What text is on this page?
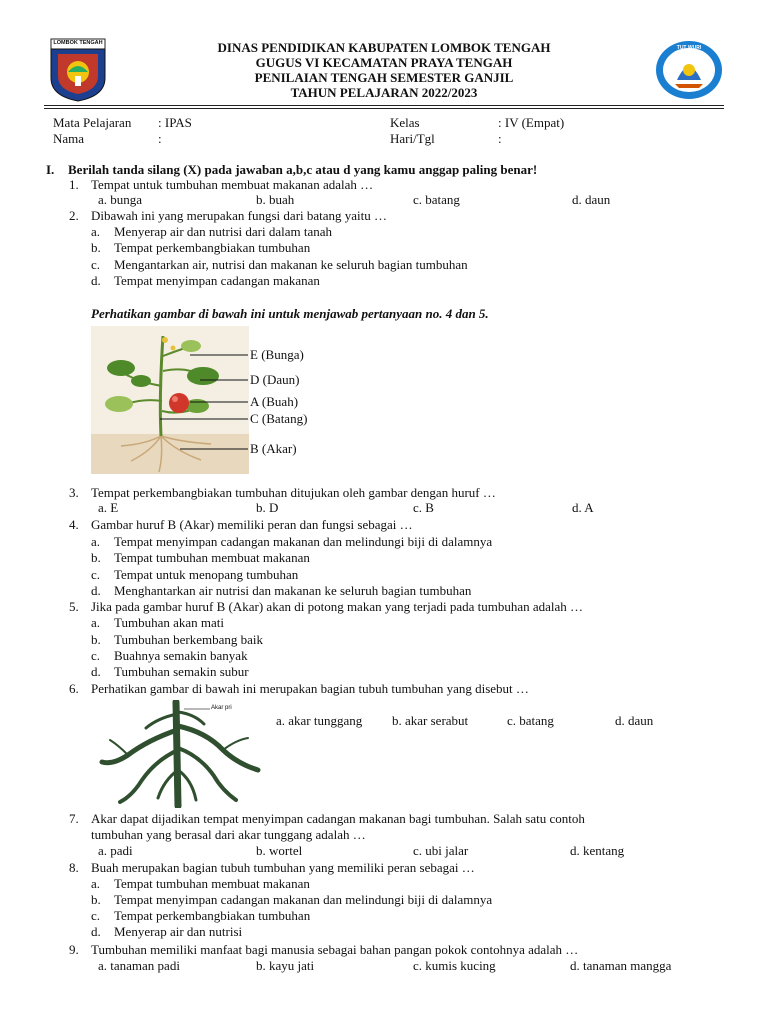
LOMBOK TENGAH
TUT WURI HANDAYANI
DINAS PENDIDIKAN KABUPATEN LOMBOK TENGAH
GUGUS VI KECAMATAN PRAYA TENGAH
PENILAIAN TENGAH SEMESTER GANJIL
TAHUN PELAJARAN 2022/2023
Mata Pelajaran : IPAS
Nama	:
Kelas	: IV (Empat)
Hari/Tgl	:
I. Berilah tanda silang (X) pada jawaban a,b,c atau d yang kamu anggap paling benar!
1. Tempat untuk tumbuhan membuat makanan adalah …
a. bunga	b. buah	c. batang	d. daun
2. Dibawah ini yang merupakan fungsi dari batang yaitu …
a. Menyerap air dan nutrisi dari dalam tanah
b. Tempat perkembangbiakan tumbuhan
c. Mengantarkan air, nutrisi dan makanan ke seluruh bagian tumbuhan
d. Tempat menyimpan cadangan makanan
Perhatikan gambar di bawah ini untuk menjawab pertanyaan no. 4 dan 5.
E (Bunga)
D (Daun)
A (Buah)
C (Batang)
B (Akar)
3. Tempat perkembangbiakan tumbuhan ditujukan oleh gambar dengan huruf …
a. E	b. D	c. B	d. A
4. Gambar huruf B (Akar) memiliki peran dan fungsi sebagai …
a. Tempat menyimpan cadangan makanan dan melindungi biji di dalamnya
b. Tempat tumbuhan membuat makanan
c. Tempat untuk menopang tumbuhan
d. Menghantarkan air nutrisi dan makanan ke seluruh bagian tumbuhan
5. Jika pada gambar huruf B (Akar) akan di potong makan yang terjadi pada tumbuhan adalah …
a. Tumbuhan akan mati
b. Tumbuhan berkembang baik
c. Buahnya semakin banyak
d. Tumbuhan semakin subur
6. Perhatikan gambar di bawah ini merupakan bagian tubuh tumbuhan yang disebut …
Akar pri
a. akar tunggang b. akar serabut	c. batang	d. daun
7. Akar dapat dijadikan tempat menyimpan cadangan makanan bagi tumbuhan. Salah satu contoh
tumbuhan yang berasal dari akar tunggang adalah …
a. padi	b. wortel	c. ubi jalar	d. kentang
8. Buah merupakan bagian tubuh tumbuhan yang memiliki peran sebagai …
a. Tempat tumbuhan membuat makanan
b. Tempat menyimpan cadangan makanan dan melindungi biji di dalamnya
c. Tempat perkembangbiakan tumbuhan
d. Menyerap air dan nutrisi
9. Tumbuhan memiliki manfaat bagi manusia sebagai bahan pangan pokok contohnya adalah …
a. tanaman padi	b. kayu jati	c. kumis kucing	d. tanaman mangga
